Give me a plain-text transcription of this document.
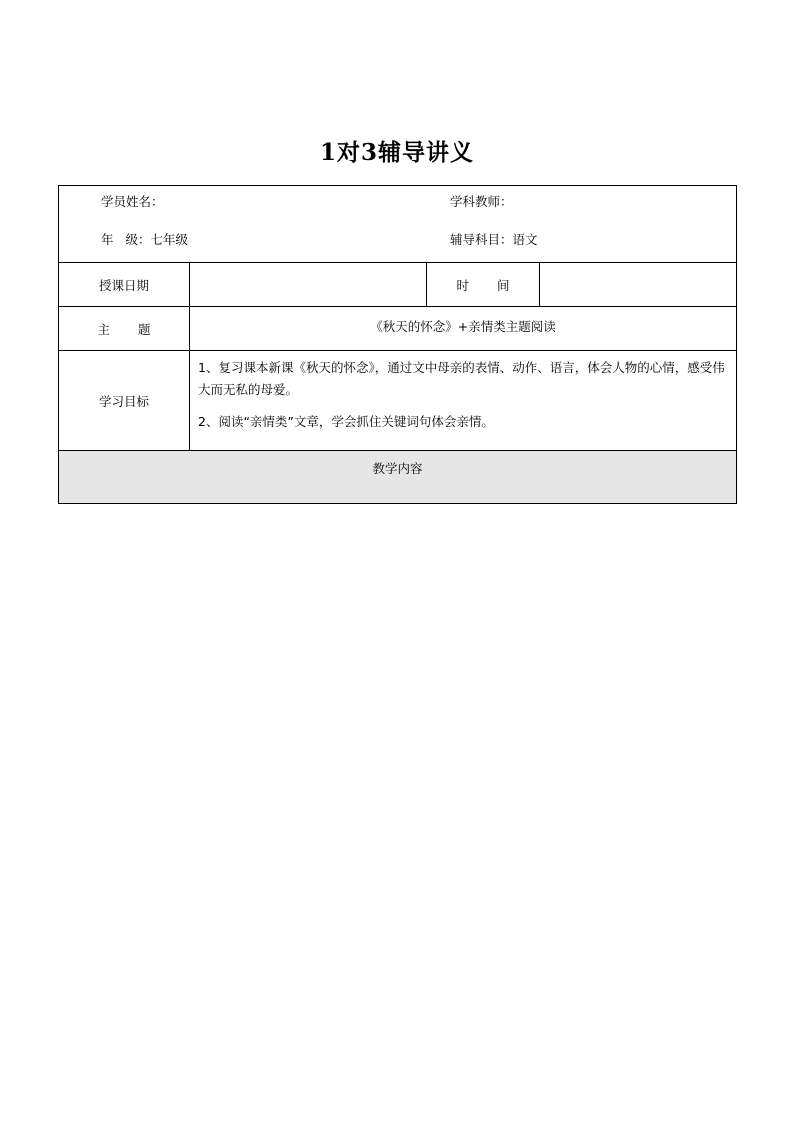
1对3辅导讲义
学员姓名： 学科教师：
年 级：七年级 辅导科目：语文			

授课日期		时 间	
主 题	《秋天的怀念》+亲情类主题阅读		
学习目标	1、复习课本新课《秋天的怀念》，通过文中母亲的表情、动作、语言，体会人物的心情，感受伟大而无私的母爱。

2、阅读“亲情类”文章，学会抓住关键词句体会亲情。		

教学内容			
